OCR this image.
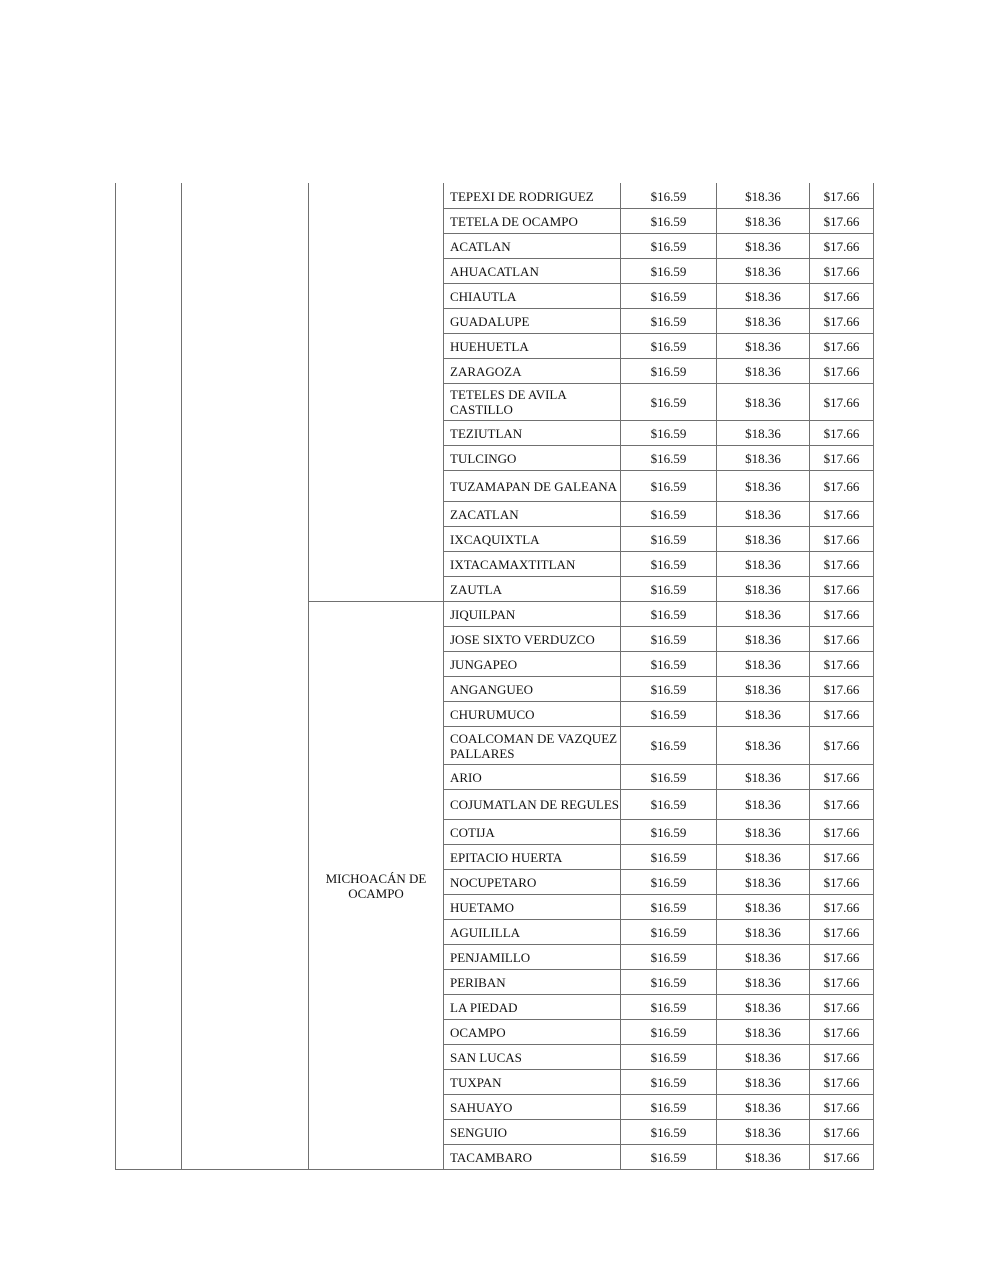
TEPEXI DE RODRIGUEZ	$16.59	$18.36	$17.66
TETELA DE OCAMPO	$16.59	$18.36	$17.66
ACATLAN	$16.59	$18.36	$17.66
AHUACATLAN	$16.59	$18.36	$17.66
CHIAUTLA	$16.59	$18.36	$17.66
GUADALUPE	$16.59	$18.36	$17.66
HUEHUETLA	$16.59	$18.36	$17.66
ZARAGOZA	$16.59	$18.36	$17.66
TETELES DE AVILA CASTILLO	$16.59	$18.36	$17.66
TEZIUTLAN	$16.59	$18.36	$17.66
TULCINGO	$16.59	$18.36	$17.66
TUZAMAPAN DE GALEANA	$16.59	$18.36	$17.66
ZACATLAN	$16.59	$18.36	$17.66
IXCAQUIXTLA	$16.59	$18.36	$17.66
IXTACAMAXTITLAN	$16.59	$18.36	$17.66
ZAUTLA	$16.59	$18.36	$17.66
JIQUILPAN	$16.59	$18.36	$17.66
JOSE SIXTO VERDUZCO	$16.59	$18.36	$17.66
JUNGAPEO	$16.59	$18.36	$17.66
ANGANGUEO	$16.59	$18.36	$17.66
CHURUMUCO	$16.59	$18.36	$17.66
COALCOMAN DE VAZQUEZ PALLARES	$16.59	$18.36	$17.66
ARIO	$16.59	$18.36	$17.66
COJUMATLAN DE REGULES	$16.59	$18.36	$17.66
COTIJA	$16.59	$18.36	$17.66
EPITACIO HUERTA	$16.59	$18.36	$17.66
NOCUPETARO	$16.59	$18.36	$17.66
HUETAMO	$16.59	$18.36	$17.66
AGUILILLA	$16.59	$18.36	$17.66
PENJAMILLO	$16.59	$18.36	$17.66
PERIBAN	$16.59	$18.36	$17.66
LA PIEDAD	$16.59	$18.36	$17.66
OCAMPO	$16.59	$18.36	$17.66
SAN LUCAS	$16.59	$18.36	$17.66
TUXPAN	$16.59	$18.36	$17.66
SAHUAYO	$16.59	$18.36	$17.66
SENGUIO	$16.59	$18.36	$17.66
TACAMBARO	$16.59	$18.36	$17.66
MICHOACÁN DE OCAMPO
